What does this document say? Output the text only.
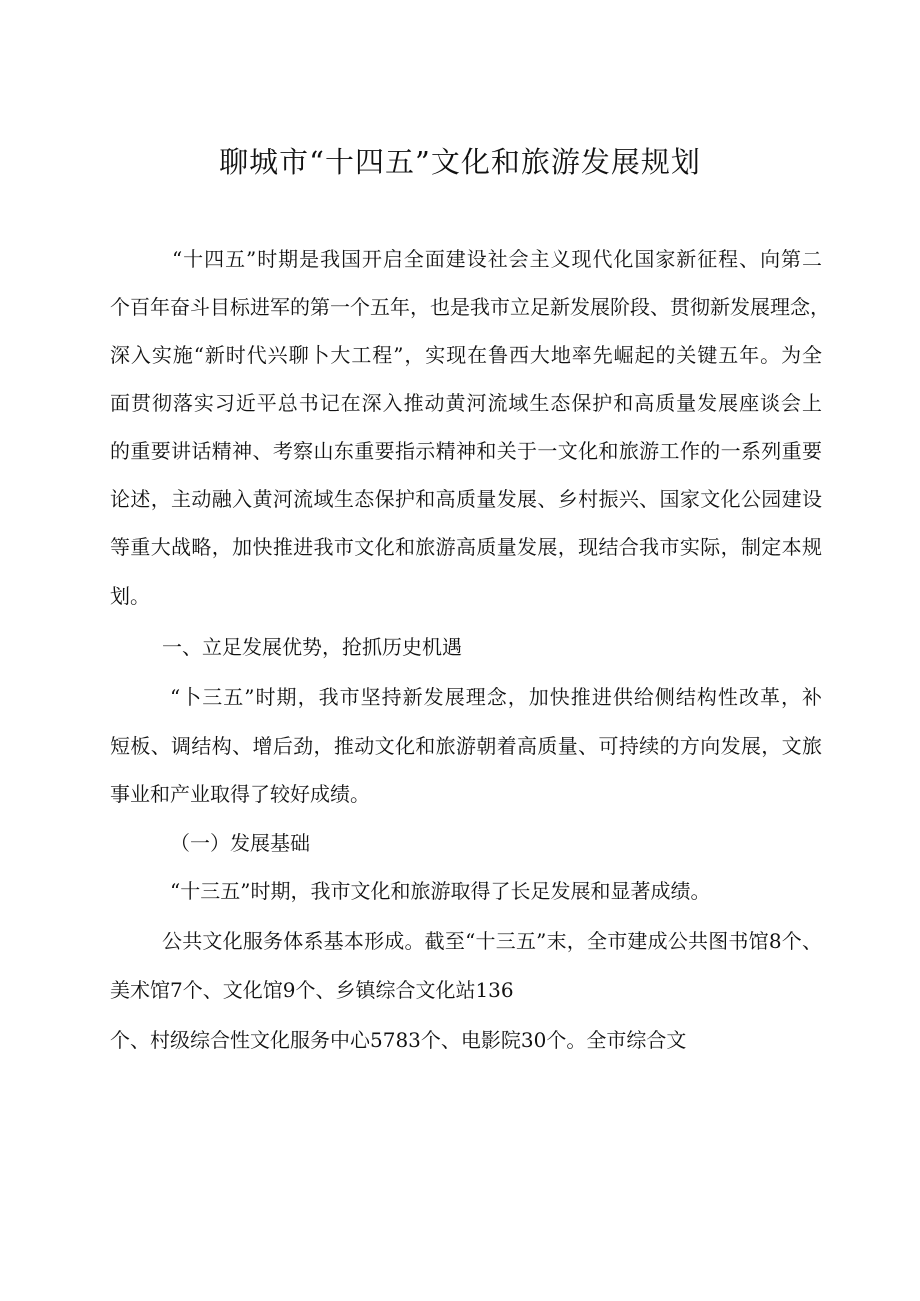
聊城市“十四五”文化和旅游发展规划

“十四五”时期是我国开启全面建设社会主义现代化国家新征程、向第二

个百年奋斗目标进军的第一个五年，也是我市立足新发展阶段、贯彻新发展理念，

深入实施“新时代兴聊卜大工程”，实现在鲁西大地率先崛起的关键五年。为全

面贯彻落实习近平总书记在深入推动黄河流域生态保护和高质量发展座谈会上

的重要讲话精神、考察山东重要指示精神和关于一文化和旅游工作的一系列重要

论述，主动融入黄河流域生态保护和高质量发展、乡村振兴、国家文化公园建设

等重大战略，加快推进我市文化和旅游高质量发展，现结合我市实际，制定本规

划。

一、立足发展优势，抢抓历史机遇

“卜三五”时期，我市坚持新发展理念，加快推进供给侧结构性改革，补

短板、调结构、增后劲，推动文化和旅游朝着高质量、可持续的方向发展，文旅

事业和产业取得了较好成绩。

（一）发展基础

“十三五”时期，我市文化和旅游取得了长足发展和显著成绩。

公共文化服务体系基本形成。截至“十三五”末，全市建成公共图书馆8个、

美术馆7个、文化馆9个、乡镇综合文化站136

个、村级综合性文化服务中心5783个、电影院30个。全市综合文
